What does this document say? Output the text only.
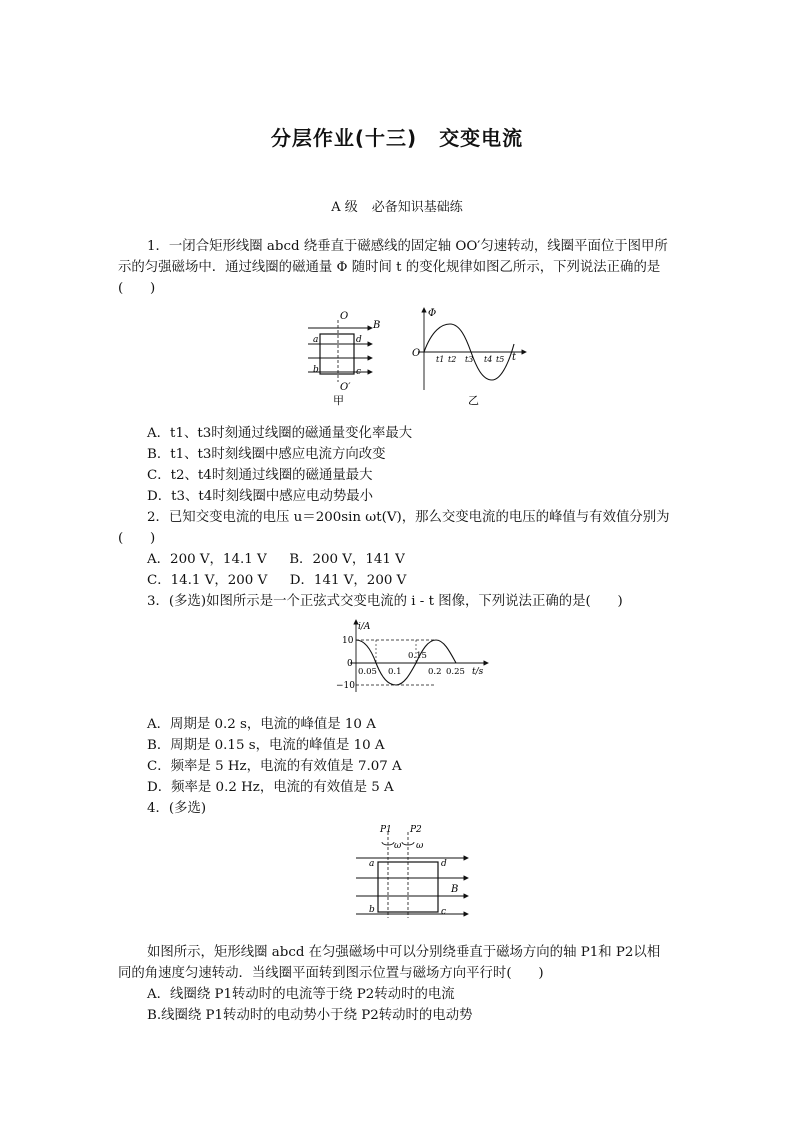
分层作业(十三) 交变电流
A 级 必备知识基础练
1．一闭合矩形线圈 abcd 绕垂直于磁感线的固定轴 OO′匀速转动，线圈平面位于图甲所
示的匀强磁场中．通过线圈的磁通量 Φ 随时间 t 的变化规律如图乙所示，下列说法正确的是
(　　)
O
O′
B
a	d
b	c
甲
Φ
O	t
t1 t2 t3 t4 t5
乙
A．t1、t3时刻通过线圈的磁通量变化率最大
B．t1、t3时刻线圈中感应电流方向改变
C．t2、t4时刻通过线圈的磁通量最大
D．t3、t4时刻线圈中感应电动势最小
2．已知交变电流的电压 u＝200sin ωt(V)，那么交变电流的电压的峰值与有效值分别为
(　　)
A．200 V，14.1 V B．200 V，141 V
C．14.1 V，200 V D．141 V，200 V
3．(多选)如图所示是一个正弦式交变电流的 i - t 图像，下列说法正确的是(　　)
i/A
t/s
10
0
−10
0.05 0.1
0.15
0.2 0.25
A．周期是 0.2 s，电流的峰值是 10 A
B．周期是 0.15 s，电流的峰值是 10 A
C．频率是 5 Hz，电流的有效值是 7.07 A
D．频率是 0.2 Hz，电流的有效值是 5 A
4．(多选)
P1 P2
ω ω
a	d
b	c
B
如图所示，矩形线圈 abcd 在匀强磁场中可以分别绕垂直于磁场方向的轴 P1和 P2以相
同的角速度匀速转动．当线圈平面转到图示位置与磁场方向平行时(　　)
A．线圈绕 P1转动时的电流等于绕 P2转动时的电流
B.线圈绕 P1转动时的电动势小于绕 P2转动时的电动势
